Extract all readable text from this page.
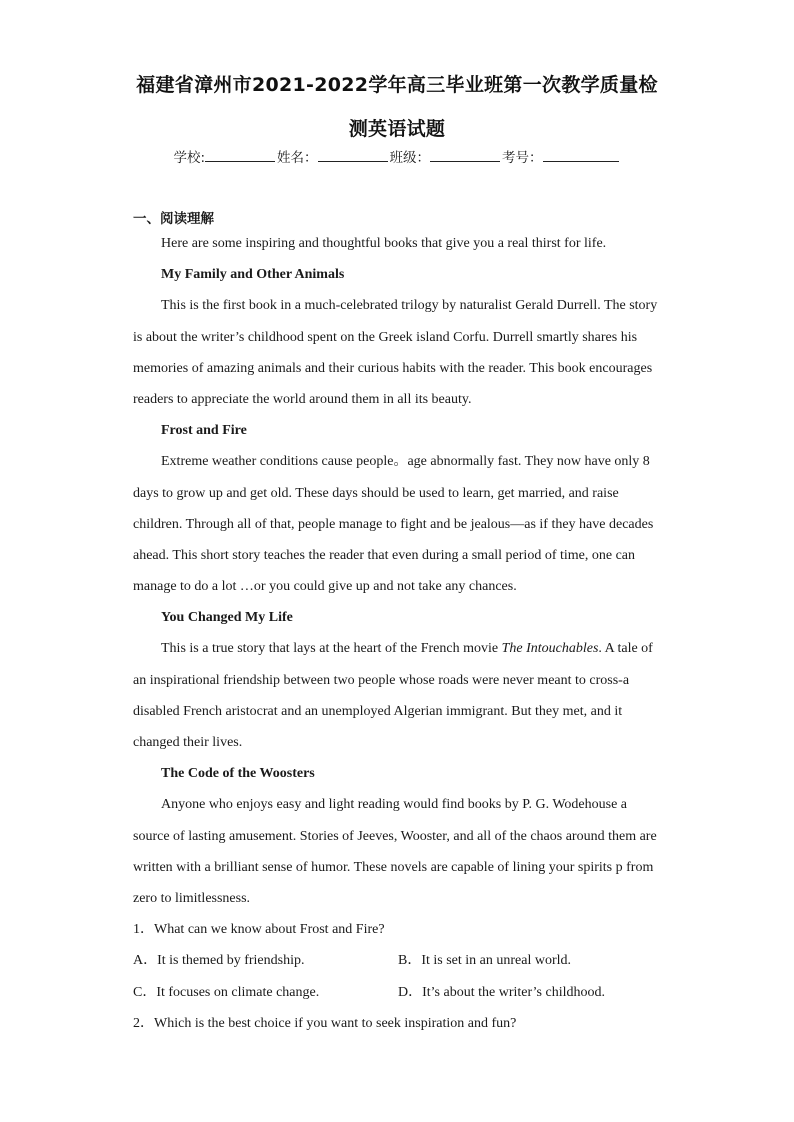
福建省漳州市2021-2022学年高三毕业班第一次教学质量检
测英语试题
学校:	姓名：	班级：	考号：
一、阅读理解
Here are some inspiring and thoughtful books that give you a real thirst for life.
My Family and Other Animals
This is the first book in a much-celebrated trilogy by naturalist Gerald Durrell. The story
is about the writer’s childhood spent on the Greek island Corfu. Durrell smartly shares his
memories of amazing animals and their curious habits with the reader. This book encourages
readers to appreciate the world around them in all its beauty.
Frost and Fire
Extreme weather conditions cause people。age abnormally fast. They now have only 8
days to grow up and get old. These days should be used to learn, get married, and raise
children. Through all of that, people manage to fight and be jealous—as if they have decades
ahead. This short story teaches the reader that even during a small period of time, one can
manage to do a lot …or you could give up and not take any chances.
You Changed My Life
This is a true story that lays at the heart of the French movie The Intouchables. A tale of
an inspirational friendship between two people whose roads were never meant to cross-a
disabled French aristocrat and an unemployed Algerian immigrant. But they met, and it
changed their lives.
The Code of the Woosters
Anyone who enjoys easy and light reading would find books by P. G. Wodehouse a
source of lasting amusement. Stories of Jeeves, Wooster, and all of the chaos around them are
written with a brilliant sense of humor. These novels are capable of lining your spirits p from
zero to limitlessness.
1．What can we know about Frost and Fire?
A．It is themed by friendship.	B．It is set in an unreal world.
C．It focuses on climate change.	D．It’s about the writer’s childhood.
2．Which is the best choice if you want to seek inspiration and fun?
